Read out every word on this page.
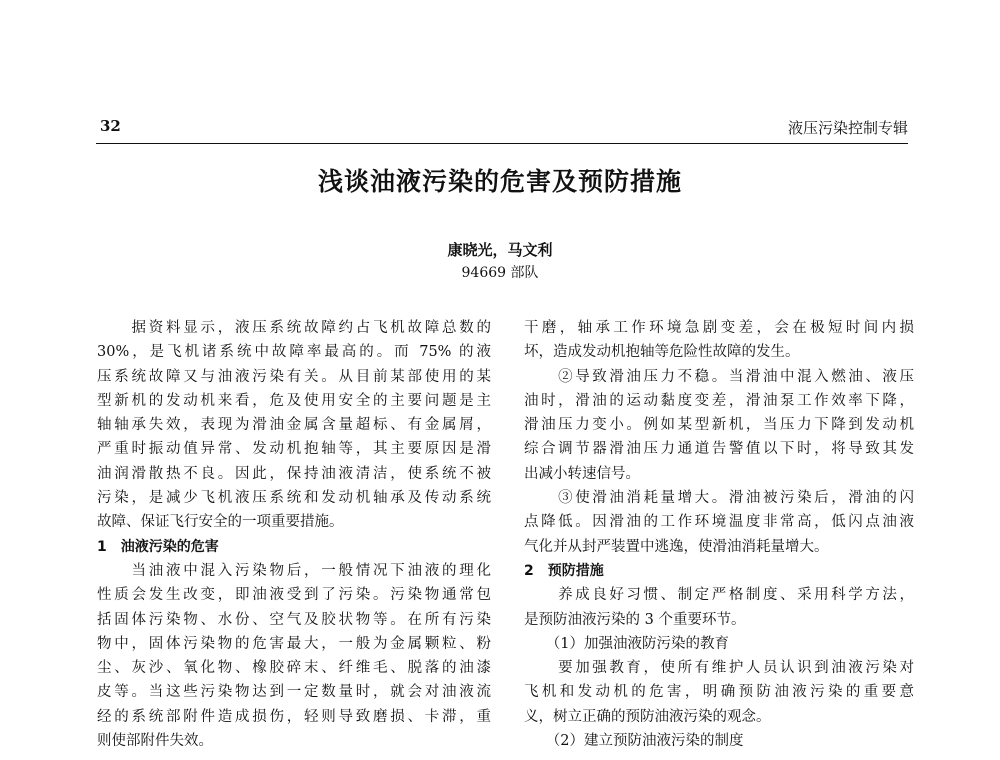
32	液压污染控制专辑
浅谈油液污染的危害及预防措施
康晓光，马文利
94669 部队
　　据资料显示，液压系统故障约占飞机故障总数的
30%，是飞机诸系统中故障率最高的。而 75% 的液
压系统故障又与油液污染有关。从目前某部使用的某
型新机的发动机来看，危及使用安全的主要问题是主
轴轴承失效，表现为滑油金属含量超标、有金属屑，
严重时振动值异常、发动机抱轴等，其主要原因是滑
油润滑散热不良。因此，保持油液清洁，使系统不被
污染，是减少飞机液压系统和发动机轴承及传动系统
故障、保证飞行安全的一项重要措施。
1　油液污染的危害
　　当油液中混入污染物后，一般情况下油液的理化
性质会发生改变，即油液受到了污染。污染物通常包
括固体污染物、水份、空气及胶状物等。在所有污染
物中，固体污染物的危害最大，一般为金属颗粒、粉
尘、灰沙、氧化物、橡胶碎末、纤维毛、脱落的油漆
皮等。当这些污染物达到一定数量时，就会对油液流
经的系统部附件造成损伤，轻则导致磨损、卡滞，重
则使部附件失效。
干磨，轴承工作环境急剧变差，会在极短时间内损
坏，造成发动机抱轴等危险性故障的发生。
　　②导致滑油压力不稳。当滑油中混入燃油、液压
油时，滑油的运动黏度变差，滑油泵工作效率下降，
滑油压力变小。例如某型新机，当压力下降到发动机
综合调节器滑油压力通道告警值以下时，将导致其发
出减小转速信号。
　　③使滑油消耗量增大。滑油被污染后，滑油的闪
点降低。因滑油的工作环境温度非常高，低闪点油液
气化并从封严装置中逃逸，使滑油消耗量增大。
2　预防措施
　　养成良好习惯、制定严格制度、采用科学方法，
是预防油液污染的 3 个重要环节。
　　（1）加强油液防污染的教育
　　要加强教育，使所有维护人员认识到油液污染对
飞机和发动机的危害，明确预防油液污染的重要意
义，树立正确的预防油液污染的观念。
　　（2）建立预防油液污染的制度
